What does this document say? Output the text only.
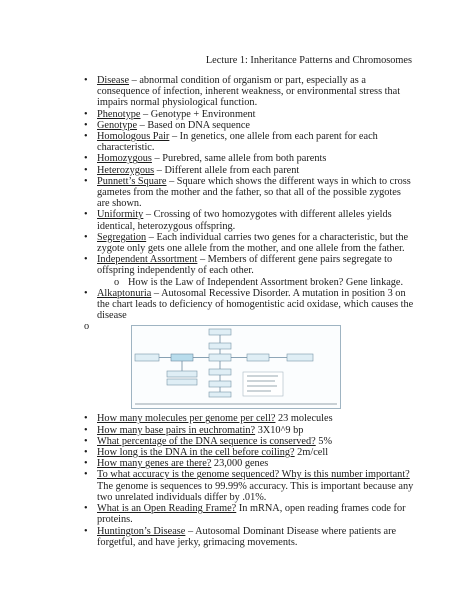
Lecture 1: Inheritance Patterns and Chromosomes
• Disease – abnormal condition of organism or part, especially as a consequence of infection, inherent weakness, or environmental stress that impairs normal physiological function.
• Phenotype – Genotype + Environment
• Genotype – Based on DNA sequence
• Homologous Pair – In genetics, one allele from each parent for each characteristic.
• Homozygous – Purebred, same allele from both parents
• Heterozygous – Different allele from each parent
• Punnett’s Square – Square which shows the different ways in which to cross gametes from the mother and the father, so that all of the possible zygotes are shown.
• Uniformity – Crossing of two homozygotes with different alleles yields identical, heterozygous offspring.
• Segregation – Each individual carries two genes for a characteristic, but the zygote only gets one allele from the mother, and one allele from the father.
• Independent Assortment – Members of different gene pairs segregate to offspring independently of each other.
o How is the Law of Independent Assortment broken? Gene linkage.
• Alkaptonuria – Autosomal Recessive Disorder. A mutation in position 3 on the chart leads to deficiency of homogentistic acid oxidase, which causes the disease
o
• How many molecules per genome per cell? 23 molecules
• How many base pairs in euchromatin? 3X10^9 bp
• What percentage of the DNA sequence is conserved? 5%
• How long is the DNA in the cell before coiling? 2m/cell
• How many genes are there? 23,000 genes
• To what accuracy is the genome sequenced? Why is this number important? The genome is sequences to 99.99% accuracy. This is important because any two unrelated individuals differ by .01%.
• What is an Open Reading Frame? In mRNA, open reading frames code for proteins.
• Huntington’s Disease – Autosomal Dominant Disease where patients are forgetful, and have jerky, grimacing movements.
